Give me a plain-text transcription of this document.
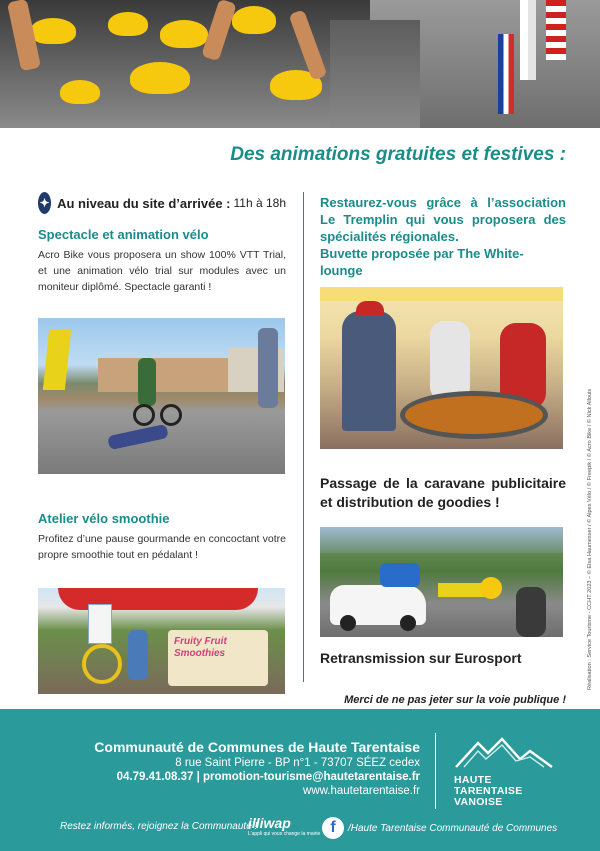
Des animations gratuites et festives :
✦ Au niveau du site d’arrivée : 11h à 18h
Spectacle et animation vélo
Acro Bike vous proposera un show 100% VTT Trial, et une animation vélo trial sur modules avec un moniteur diplômé. Spectacle garanti !
Atelier vélo smoothie
Profitez d’une pause gourmande en concoctant votre propre smoothie tout en pédalant !
Fruity Fruit Smoothies
Restaurez-vous grâce à l’association Le Tremplin qui vous proposera des spécialités régionales.
Buvette proposée par The White-lounge
Passage de la caravane publicitaire et distribution de goodies !
Retransmission sur Eurosport	Réalisation : Service Tourisme - CCHT 2023 – © Elsa Haumesser / © Alpes Vélo / © Freepik / © Acro Bike / © Nick Allouis
Merci de ne pas jeter sur la voie publique !
Communauté de Communes de Haute Tarentaise
8 rue Saint Pierre - BP n°1 - 73707 SÉEZ cedex
04.79.41.08.37 | promotion-tourisme@hautetarentaise.fr
www.hautetarentaise.fr
HAUTE
TARENTAISE
VANOISE
Restez informés, rejoignez la Communauté !
illiwap
L’appli qui vous change la mairie f	/Haute Tarentaise Communauté de Communes
